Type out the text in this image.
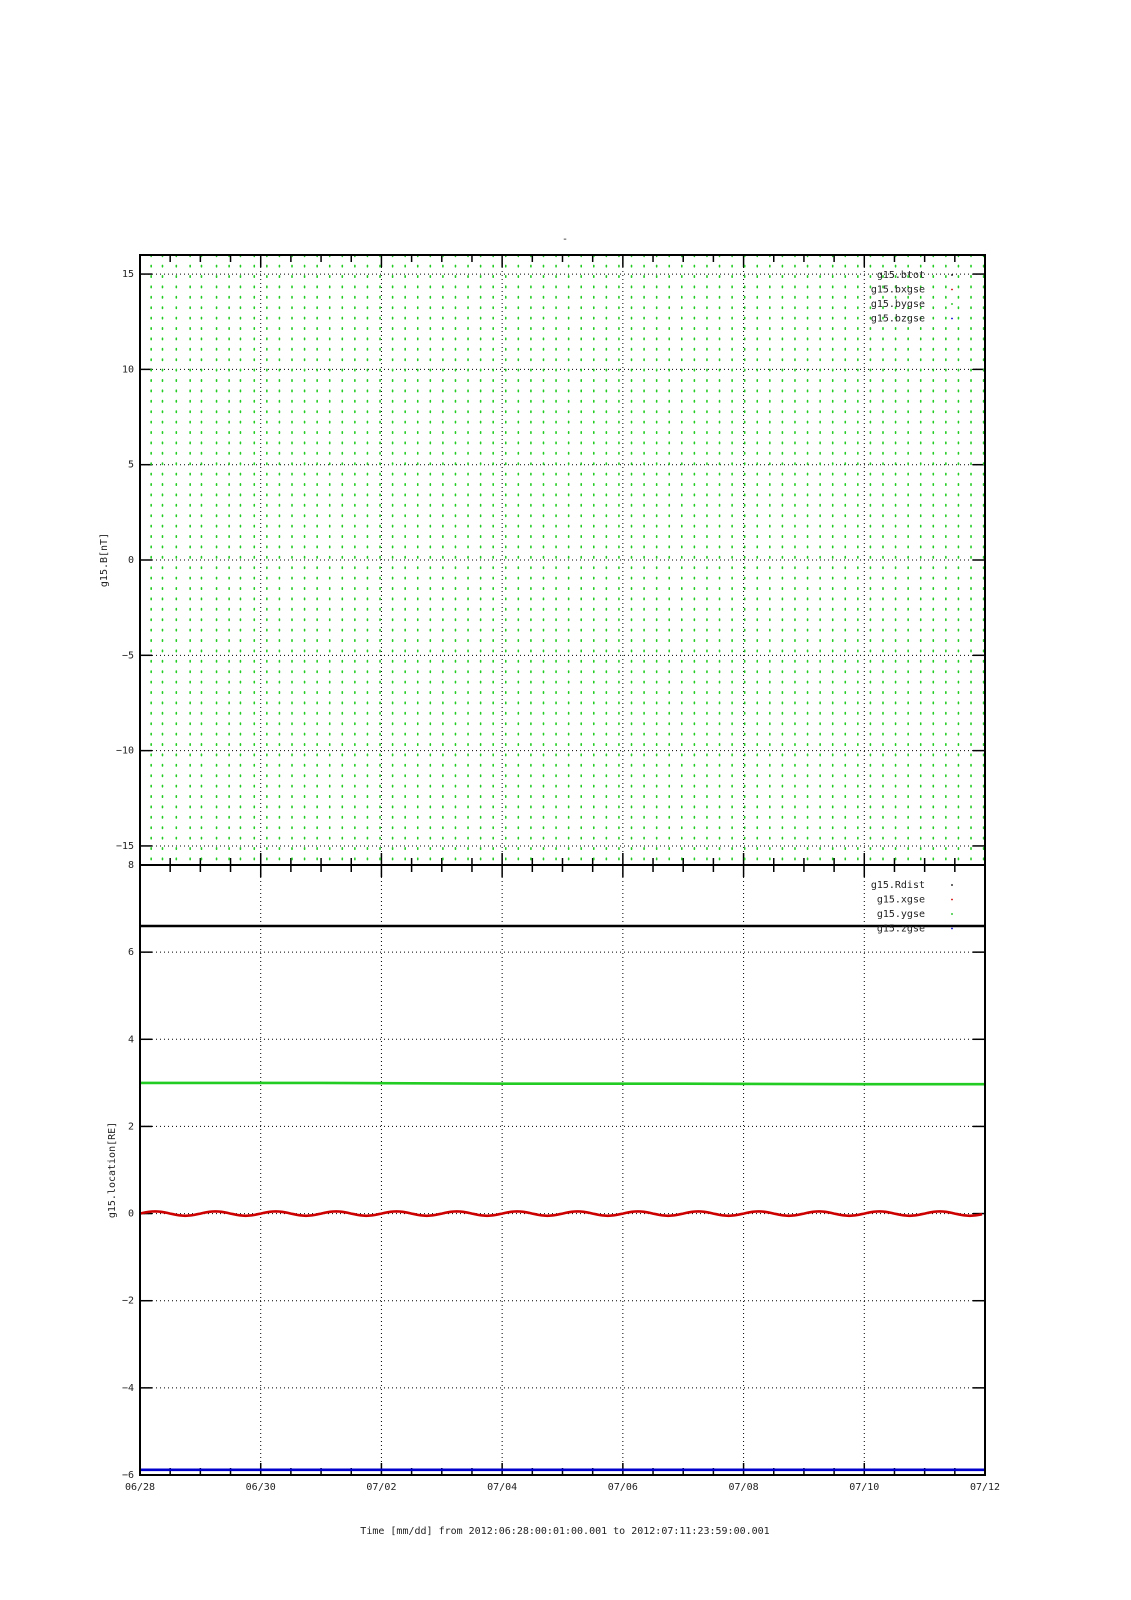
-
−15
−10
−5
0
5
10
15	g15.btot
g15.bxgse
g15.bygse
g15.bzgse
g15.B[nT]
−6
−4
−2
0
2
4
6
8
06/28	06/30	07/02	07/04	07/06	07/08	07/10	07/12
g15.Rdist
g15.xgse
g15.ygse
g15.zgse
g15.location[RE]
Time [mm/dd] from 2012:06:28:00:01:00.001 to 2012:07:11:23:59:00.001
